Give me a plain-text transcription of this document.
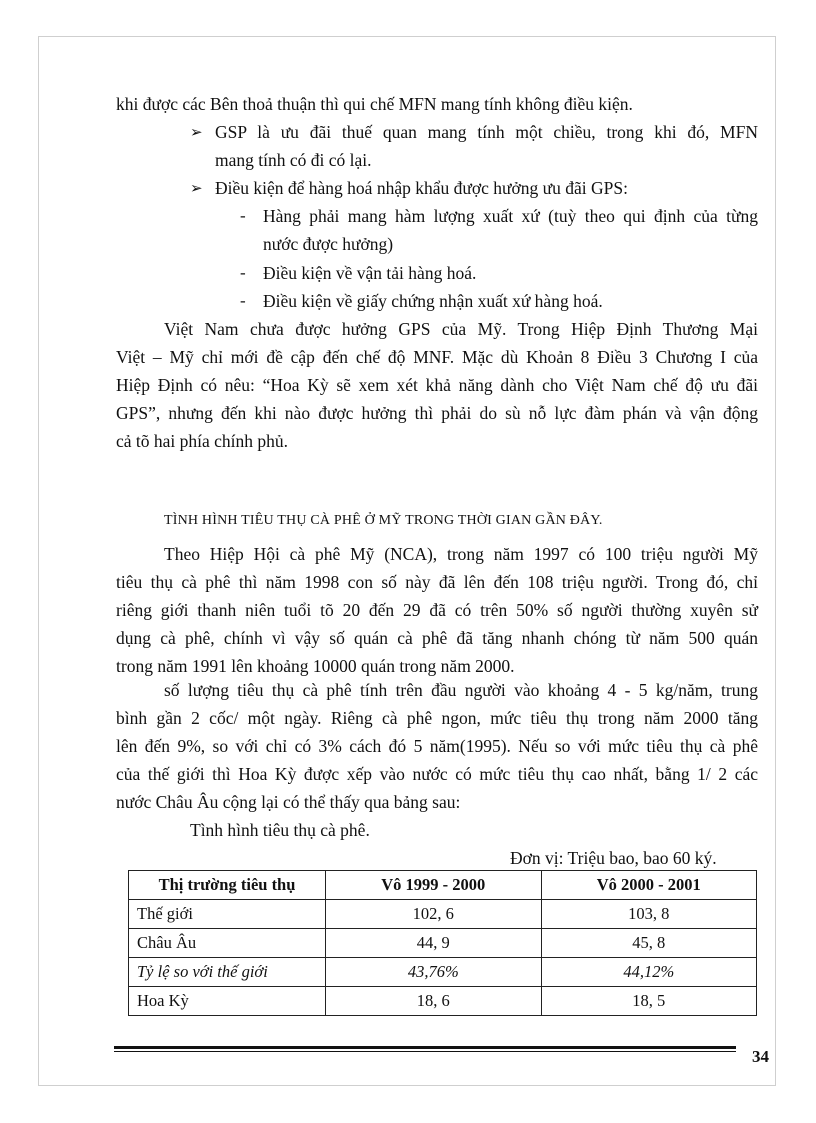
khi được các Bên thoả thuận thì qui chế MFN mang tính không điều kiện.
➢ GSP là ưu đãi thuế quan mang tính một chiều, trong khi đó, MFN
mang tính có đi có lại.
➢ Điều kiện để hàng hoá nhập khẩu được hưởng ưu đãi GPS:
- Hàng phải mang hàm lượng xuất xứ (tuỳ theo qui định của từng
nước được hưởng)
- Điều kiện về vận tải hàng hoá.
- Điều kiện về giấy chứng nhận xuất xứ hàng hoá.
Việt Nam chưa được hưởng GPS của Mỹ. Trong Hiệp Định Thương Mại
Việt – Mỹ chỉ mới đề cập đến chế độ MNF. Mặc dù Khoản 8 Điều 3 Chương I của
Hiệp Định có nêu: “Hoa Kỳ sẽ xem xét khả năng dành cho Việt Nam chế độ ưu đãi
GPS”, nhưng đến khi nào được hưởng thì phải do sù nỗ lực đàm phán và vận động
cả tõ hai phía chính phủ.
TÌNH HÌNH TIÊU THỤ CÀ PHÊ Ở MỸ TRONG THỜI GIAN GẦN ĐÂY.
Theo Hiệp Hội cà phê Mỹ (NCA), trong năm 1997 có 100 triệu người Mỹ
tiêu thụ cà phê thì năm 1998 con số này đã lên đến 108 triệu người. Trong đó, chỉ
riêng giới thanh niên tuổi tõ 20 đến 29 đã có trên 50% số người thường xuyên sử
dụng cà phê, chính vì vậy số quán cà phê đã tăng nhanh chóng từ năm 500 quán
trong năm 1991 lên khoảng 10000 quán trong năm 2000.
số lượng tiêu thụ cà phê tính trên đầu người vào khoảng 4 - 5 kg/năm, trung
bình gần 2 cốc/ một ngày. Riêng cà phê ngon, mức tiêu thụ trong năm 2000 tăng
lên đến 9%, so với chỉ có 3% cách đó 5 năm(1995). Nếu so với mức tiêu thụ cà phê
của thế giới thì Hoa Kỳ được xếp vào nước có mức tiêu thụ cao nhất, bằng 1/ 2 các
nước Châu Âu cộng lại có thể thấy qua bảng sau:
Tình hình tiêu thụ cà phê.
Đơn vị: Triệu bao, bao 60 ký.
Thị trường tiêu thụ	Vô 1999 - 2000	Vô 2000 - 2001
Thế giới	102, 6	103, 8
Châu Âu	44, 9	45, 8
Tỷ lệ so với thế giới	43,76%	44,12%
Hoa Kỳ	18, 6	18, 5
34
